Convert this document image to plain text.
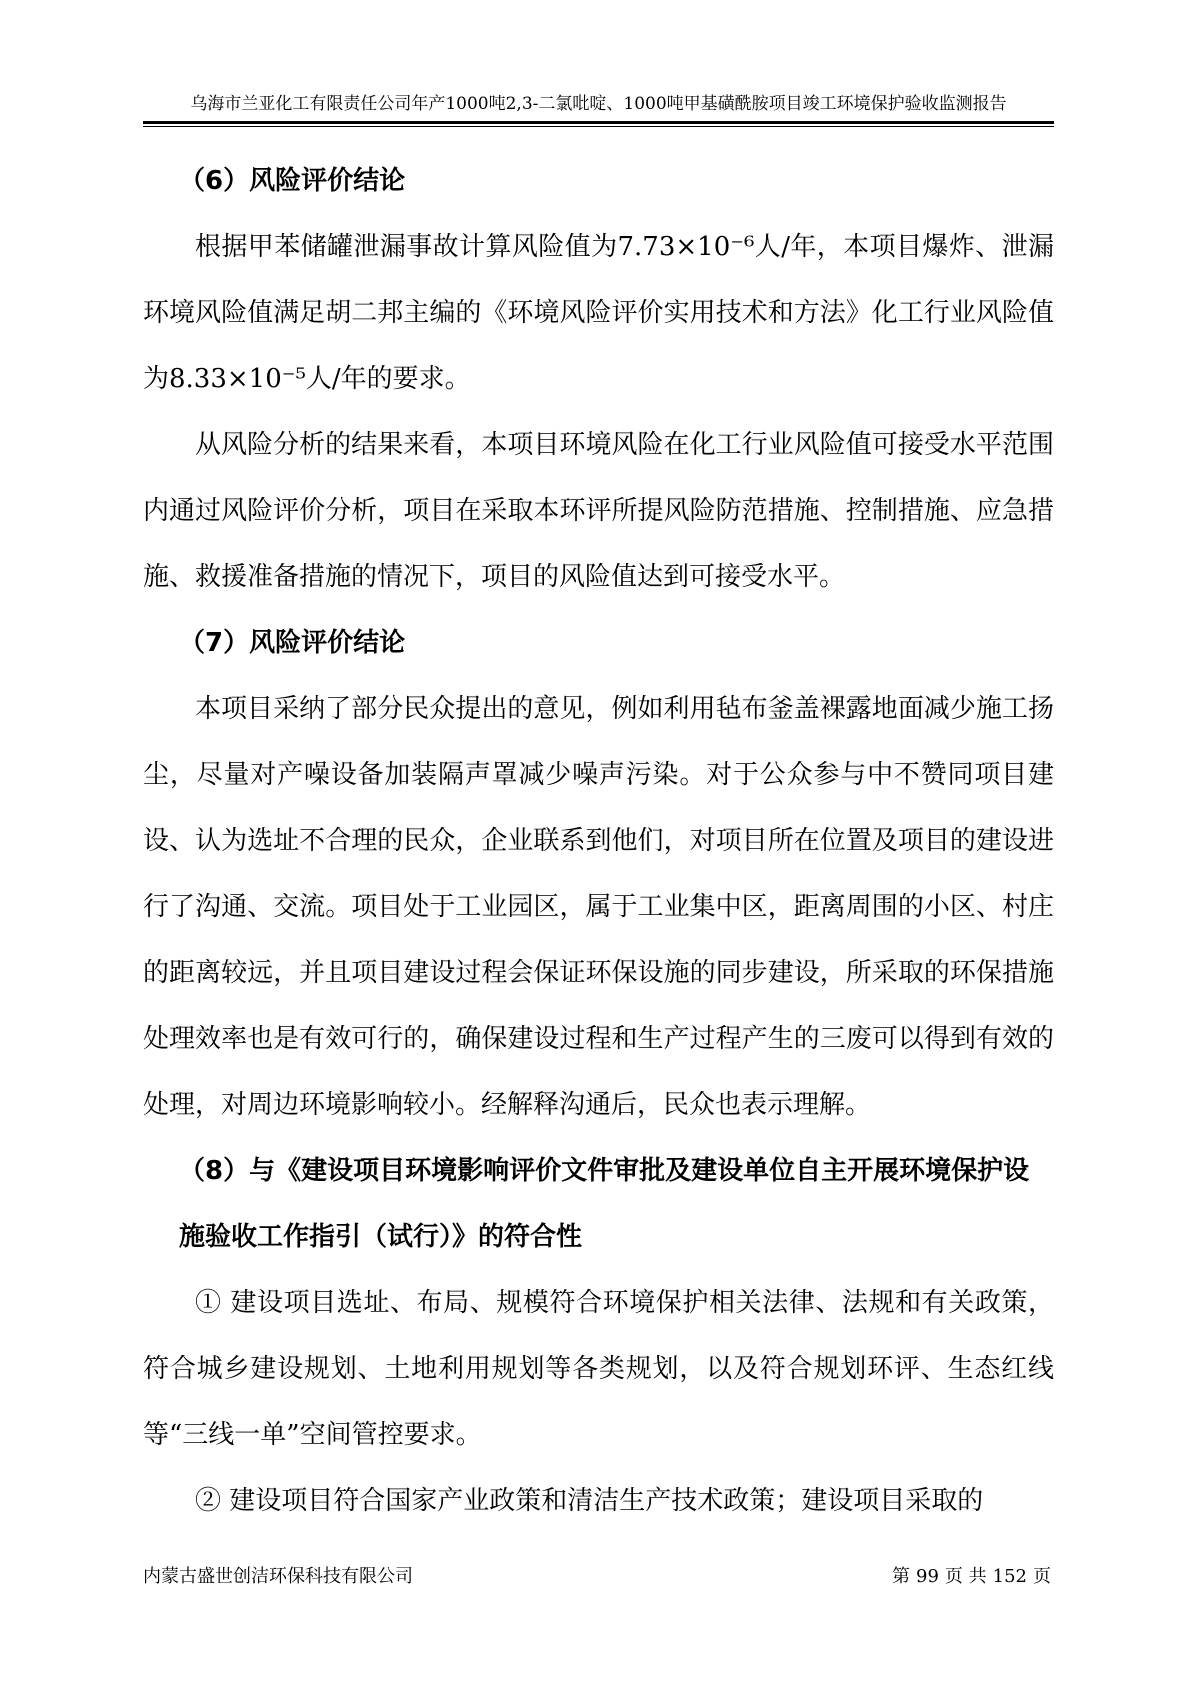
乌海市兰亚化工有限责任公司年产1000吨2,3-二氯吡啶、1000吨甲基磺酰胺项目竣工环境保护验收监测报告

（6）风险评价结论

根据甲苯储罐泄漏事故计算风险值为7.73×10⁻⁶人/年，本项目爆炸、泄漏环境风险值满足胡二邦主编的《环境风险评价实用技术和方法》化工行业风险值为8.33×10⁻⁵人/年的要求。

从风险分析的结果来看，本项目环境风险在化工行业风险值可接受水平范围内通过风险评价分析，项目在采取本环评所提风险防范措施、控制措施、应急措施、救援准备措施的情况下，项目的风险值达到可接受水平。

（7）风险评价结论

本项目采纳了部分民众提出的意见，例如利用毡布釜盖裸露地面减少施工扬尘，尽量对产噪设备加装隔声罩减少噪声污染。对于公众参与中不赞同项目建设、认为选址不合理的民众，企业联系到他们，对项目所在位置及项目的建设进行了沟通、交流。项目处于工业园区，属于工业集中区，距离周围的小区、村庄的距离较远，并且项目建设过程会保证环保设施的同步建设，所采取的环保措施处理效率也是有效可行的，确保建设过程和生产过程产生的三废可以得到有效的处理，对周边环境影响较小。经解释沟通后，民众也表示理解。

（8）与《建设项目环境影响评价文件审批及建设单位自主开展环境保护设施验收工作指引（试行）》的符合性

① 建设项目选址、布局、规模符合环境保护相关法律、法规和有关政策，符合城乡建设规划、土地利用规划等各类规划，以及符合规划环评、生态红线等“三线一单”空间管控要求。

② 建设项目符合国家产业政策和清洁生产技术政策；建设项目采取的

内蒙古盛世创洁环保科技有限公司	第 99 页 共 152 页
